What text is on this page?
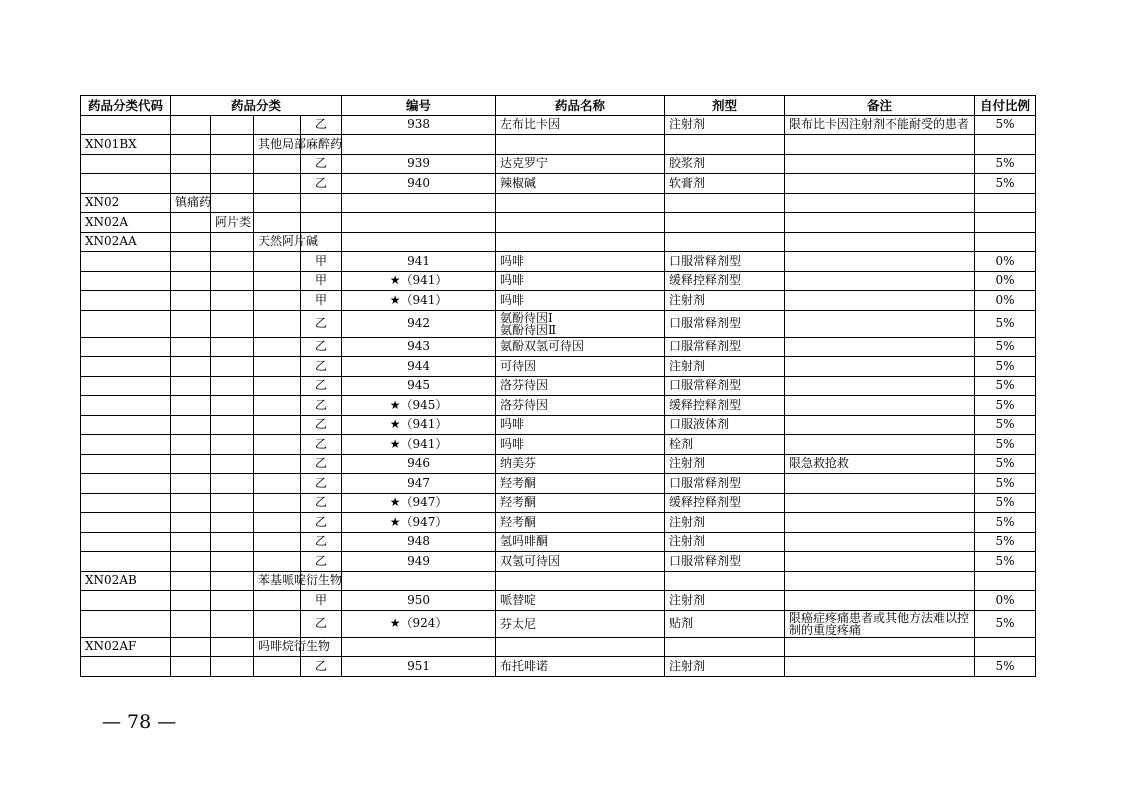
药品分类代码	药品分类				编号	药品名称	剂型	备注	自付比例
				乙	938	左布比卡因	注射剂	限布比卡因注射剂不能耐受的患者	5%
XN01BX			其他局部麻醉药						
				乙	939	达克罗宁	胶浆剂		5%
				乙	940	辣椒碱	软膏剂		5%
XN02	镇痛药								
XN02A		阿片类							
XN02AA			天然阿片碱						
				甲	941	吗啡	口服常释剂型		0%
				甲	★（941）	吗啡	缓释控释剂型		0%
				甲	★（941）	吗啡	注射剂		0%
				乙	942	氨酚待因Ⅰ
氨酚待因Ⅱ	口服常释剂型		5%
				乙	943	氨酚双氢可待因	口服常释剂型		5%
				乙	944	可待因	注射剂		5%
				乙	945	洛芬待因	口服常释剂型		5%
				乙	★（945）	洛芬待因	缓释控释剂型		5%
				乙	★（941）	吗啡	口服液体剂		5%
				乙	★（941）	吗啡	栓剂		5%
				乙	946	纳美芬	注射剂	限急救抢救	5%
				乙	947	羟考酮	口服常释剂型		5%
				乙	★（947）	羟考酮	缓释控释剂型		5%
				乙	★（947）	羟考酮	注射剂		5%
				乙	948	氢吗啡酮	注射剂		5%
				乙	949	双氢可待因	口服常释剂型		5%
XN02AB			苯基哌啶衍生物						
				甲	950	哌替啶	注射剂		0%
				乙	★（924）	芬太尼	贴剂	限癌症疼痛患者或其他方法难以控制的重度疼痛	5%
XN02AF			吗啡烷衍生物						
				乙	951	布托啡诺	注射剂		5%
— 78 —
